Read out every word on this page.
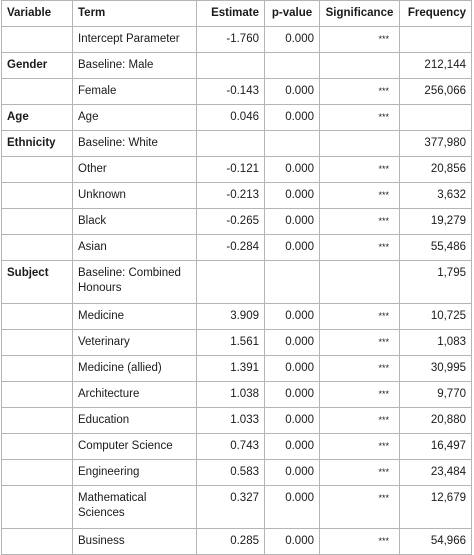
Variable	Term	Estimate	p-value	Significance	Frequency
	Intercept Parameter	-1.760	0.000	***	
Gender	Baseline: Male				212,144
	Female	-0.143	0.000	***	256,066
Age	Age	0.046	0.000	***	
Ethnicity	Baseline: White				377,980
	Other	-0.121	0.000	***	20,856
	Unknown	-0.213	0.000	***	3,632
	Black	-0.265	0.000	***	19,279
	Asian	-0.284	0.000	***	55,486
Subject	Baseline: Combined Honours				1,795
	Medicine	3.909	0.000	***	10,725
	Veterinary	1.561	0.000	***	1,083
	Medicine (allied)	1.391	0.000	***	30,995
	Architecture	1.038	0.000	***	9,770
	Education	1.033	0.000	***	20,880
	Computer Science	0.743	0.000	***	16,497
	Engineering	0.583	0.000	***	23,484
	Mathematical Sciences	0.327	0.000	***	12,679
	Business	0.285	0.000	***	54,966
